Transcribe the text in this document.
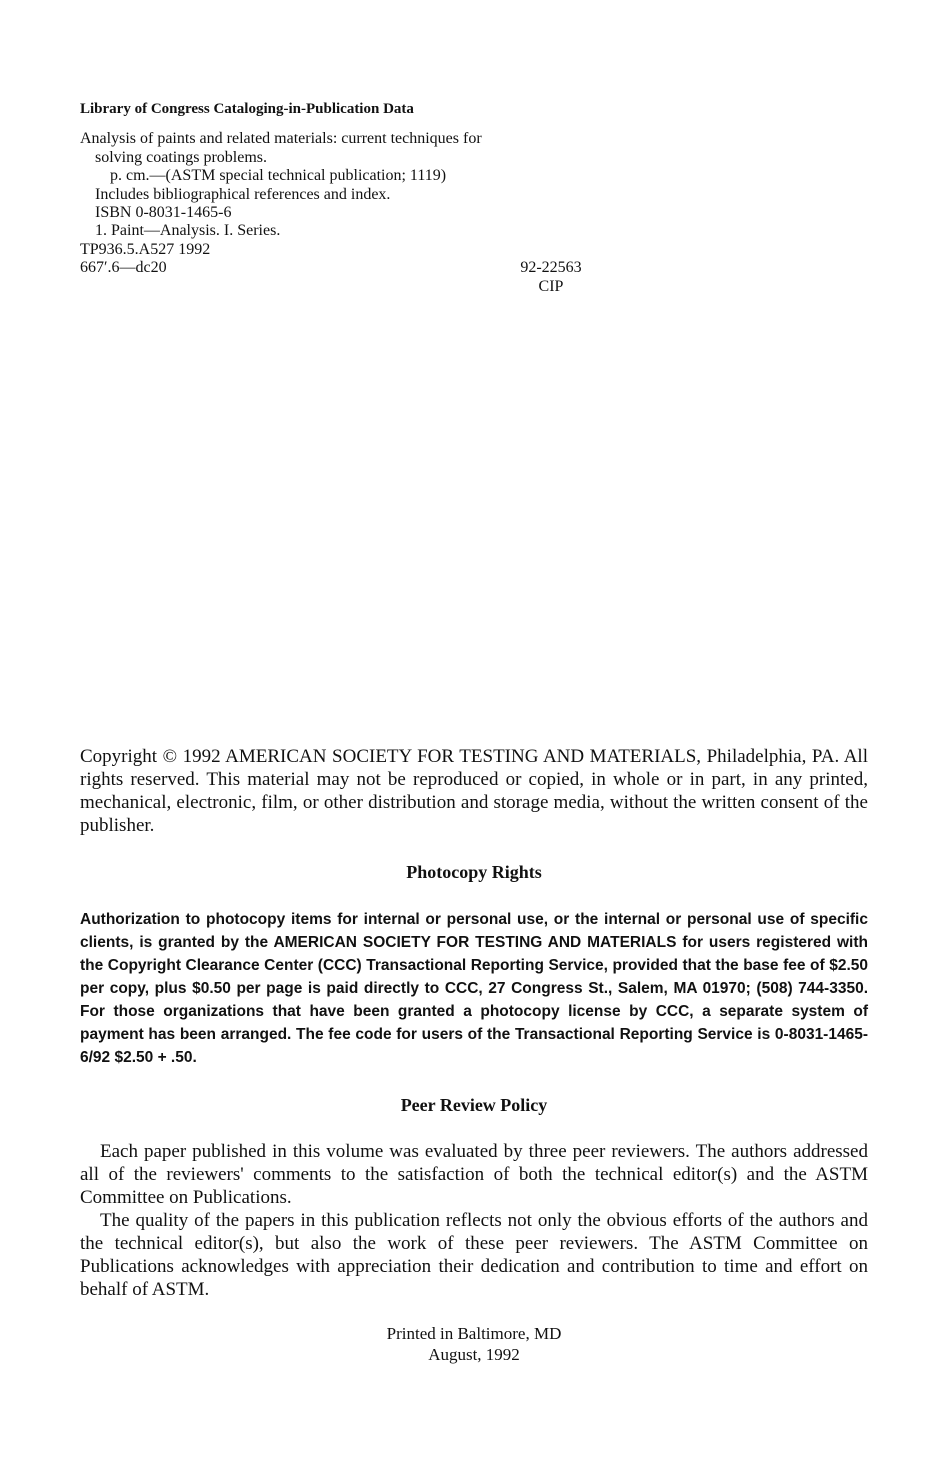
Library of Congress Cataloging-in-Publication Data
Analysis of paints and related materials: current techniques for
solving coatings problems.
p. cm.—(ASTM special technical publication; 1119)
Includes bibliographical references and index.
ISBN 0-8031-1465-6
1. Paint—Analysis. I. Series.
TP936.5.A527 1992
667′.6—dc20	92-22563
CIP

Copyright © 1992 AMERICAN SOCIETY FOR TESTING AND MATERIALS, Philadelphia, PA. All rights reserved. This material may not be reproduced or copied, in whole or in part, in any printed, mechanical, electronic, film, or other distribution and storage media, without the written consent of the publisher.

Photocopy Rights

Authorization to photocopy items for internal or personal use, or the internal or personal use of specific clients, is granted by the AMERICAN SOCIETY FOR TESTING AND MATERIALS for users registered with the Copyright Clearance Center (CCC) Transactional Reporting Service, provided that the base fee of $2.50 per copy, plus $0.50 per page is paid directly to CCC, 27 Congress St., Salem, MA 01970; (508) 744-3350. For those organizations that have been granted a photocopy license by CCC, a separate system of payment has been arranged. The fee code for users of the Transactional Reporting Service is 0-8031-1465-6/92 $2.50 + .50.

Peer Review Policy

Each paper published in this volume was evaluated by three peer reviewers. The authors addressed all of the reviewers' comments to the satisfaction of both the technical editor(s) and the ASTM Committee on Publications.

The quality of the papers in this publication reflects not only the obvious efforts of the authors and the technical editor(s), but also the work of these peer reviewers. The ASTM Committee on Publications acknowledges with appreciation their dedication and contribution to time and effort on behalf of ASTM.

Printed in Baltimore, MD
August, 1992
